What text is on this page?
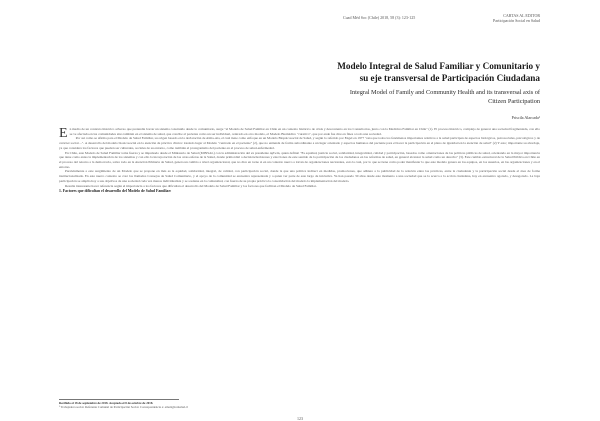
Cuad Méd Soc (Chile) 2018, 58 (3): 123-125	CARTAS AL EDITOR
Participación Social en Salud
Modelo Integral de Salud Familiar y Comunitario y
su eje transversal de Participación Ciudadana
Integral Model of Family and Community Health and its transversal axis of
Citizen Participation
Priscila Alarcada¹

En medio de un contexto histórico adverso que pretendía borrar un sistema construido desde lo comunitario, surge "el Modelo de Salud Familiar en Chile en un contexto histórico de crisis y descontento en los Consultorios, junto con la Medicina Familiar en Chile" (1). El proceso histórico, complejo de generar una sociedad fragmentada, con ello se ve afectada en las comunidades sino también en el sistema de salud, que concibe al paciente como un ser individual, centrado en otro modelo, el Modelo Biomédico "curativo", que por ende fue dice en fines a todo una sociedad.

Por así como se afirma para el Modelo de Salud Familiar, su origen basado en la declaración de Alma-Ata, el cual tiene como enfoque en un Modelo Biopsicosocial de Salud, y según lo referido por Engel en 1977 "esta que todos los fenómenos importantes relativos a la salud participan de aspectos biológicos, psicosociales, psicológicos y de carácter social…". A desarrollo del modelo biosicosocial en la atención de práctica clínica: traslado lugar al Modelo "centrado en el paciente" (2), que no entienda de forma subordinante a un lugar orientado y aspectos humanos del paciente para el hacer la participación en el plano de igualdad en la atención de salud" (2) Y esto; importante su abordaje, ya que considera los factores que pueden ser culturales, sociales de su entorno, como también el protagonismo del paciente en el proceso de salud-enfermedad.

En Chile, este Modelo de Salud Familiar toma fuerza y se impulsado desde el Ministerio de Salud (MINSAL) con la administración del ex presidente Aylwin, quien definió "Es equidad, justicia social, solidaridad, integralidad, calidad y participación, basados como orientaciones de las políticas públicas de salud, orientando en la mayor importancia que tiene como antes la implementación de los sistemas y con ello la incorporación de las otras esferas de la Salud, donde primordial a decisión/decisiones y elecciones de este sentido de la participación de los ciudadanos en las reformas de salud, en general alcanzar la salud como un derecho" (3). Este cambio estructural de la Salud Pública en Chile en el proceso del retorno a la democracia, sobre todo en la Atención Primaria de Salud, genera un cambio a nivel organizacional, que no dice en torno si en un contexto nuevo a través de organizaciones nacionales, esto la cual, por lo que se tiene como poder manifestar lo que este modelo genera en los equipos, en los usuarios, en las organizaciones y en el entorno.

Paralelamente a este surgimiento de un Modelo que se propone en más es la equidad, solidaridad, integral, de calidad, con participación social, donde la que una política indirect en medidas, promociones, que adhiere a la publicidad de la relación entre las prácticas, entre la ciudadanía y la participación social desde el área de forma institucionalizada. En este nuevo contexto se creó los llamados Consejos de Salud Comunitario, y el apoyo de la comunidad se encuentra representada y a quien ver parte de este largo de iniciativa. Ya han pasado 30 años desde este momento a una sociedad que se la acerca a la acción ciudadana, hay en encuentro agotado, y desagotado. La baja participación se amplía hoy a sus objetivos de una sociedad cada vez menos individualista y se sostiene en la comunidad, con fuerza de su propia práctica la consolidación del modelo la implementación del modelo.

Resulta interesante hacer referencia según el importancia a los factores que dificultan el desarrollo del Modelo de Salud Familiar y los factores que facilitan el Modelo de Salud Familiar.

1. Factores que dificultan el desarrollo del Modelo de Salud Familiar:
Recibido el 18 de septiembre de 2018. Aceptado el 8 de octubre de 2018.
¹ Trabajadora social. Referente Comunal de Participación Social. Correspondencia a: email@redsalud.cl
123
